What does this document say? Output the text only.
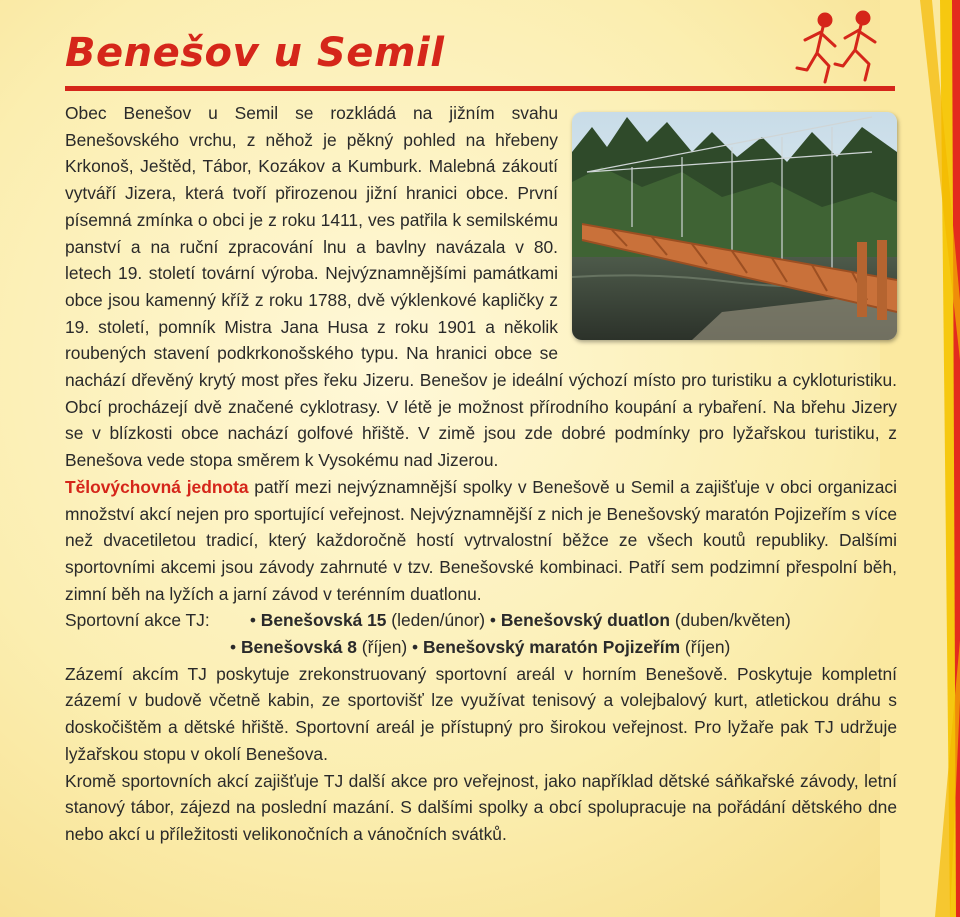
Benešov u Semil

Obec Benešov u Semil se rozkládá na jižním svahu Benešovského vrchu, z něhož je pěkný pohled na hřebeny Krkonoš, Ještěd, Tábor, Kozákov a Kumburk. Malebná zákoutí vytváří Jizera, která tvoří přirozenou jižní hranici obce. První písemná zmínka o obci je z roku 1411, ves patřila k semilskému panství a na ruční zpracování lnu a bavlny navázala v 80. letech 19. století tovární výroba. Nejvýznamnějšími památkami obce jsou kamenný kříž z roku 1788, dvě výklenkové kapličky z 19. století, pomník Mistra Jana Husa z roku 1901 a několik roubených stavení podkrkonošského typu. Na hranici obce se nachází dřevěný krytý most přes řeku Jizeru. Benešov je ideální výchozí místo pro turistiku a cykloturistiku. Obcí procházejí dvě značené cyklotrasy. V létě je možnost přírodního koupání a rybaření. Na břehu Jizery se v blízkosti obce nachází golfové hřiště. V zimě jsou zde dobré podmínky pro lyžařskou turistiku, z Benešova vede stopa směrem k Vysokému nad Jizerou.

Tělovýchovná jednota patří mezi nejvýznamnější spolky v Benešově u Semil a zajišťuje v obci organizaci množství akcí nejen pro sportující veřejnost. Nejvýznamnější z nich je Benešovský maratón Pojizeřím s více než dvacetiletou tradicí, který každoročně hostí vytrvalostní běžce ze všech koutů republiky. Dalšími sportovními akcemi jsou závody zahrnuté v tzv. Benešovské kombinaci. Patří sem podzimní přespolní běh, zimní běh na lyžích a jarní závod v terénním duatlonu.

Sportovní akce TJ: • Benešovská 15 (leden/únor) • Benešovský duatlon (duben/květen)
• Benešovská 8 (říjen) • Benešovský maratón Pojizeřím (říjen)

Zázemí akcím TJ poskytuje zrekonstruovaný sportovní areál v horním Benešově. Poskytuje kompletní zázemí v budově včetně kabin, ze sportovišť lze využívat tenisový a volejbalový kurt, atletickou dráhu s doskočištěm a dětské hřiště. Sportovní areál je přístupný pro širokou veřejnost. Pro lyžaře pak TJ udržuje lyžařskou stopu v okolí Benešova.

Kromě sportovních akcí zajišťuje TJ další akce pro veřejnost, jako například dětské sáňkařské závody, letní stanový tábor, zájezd na poslední mazání. S dalšími spolky a obcí spolupracuje na pořádání dětského dne nebo akcí u příležitosti velikonočních a vánočních svátků.
